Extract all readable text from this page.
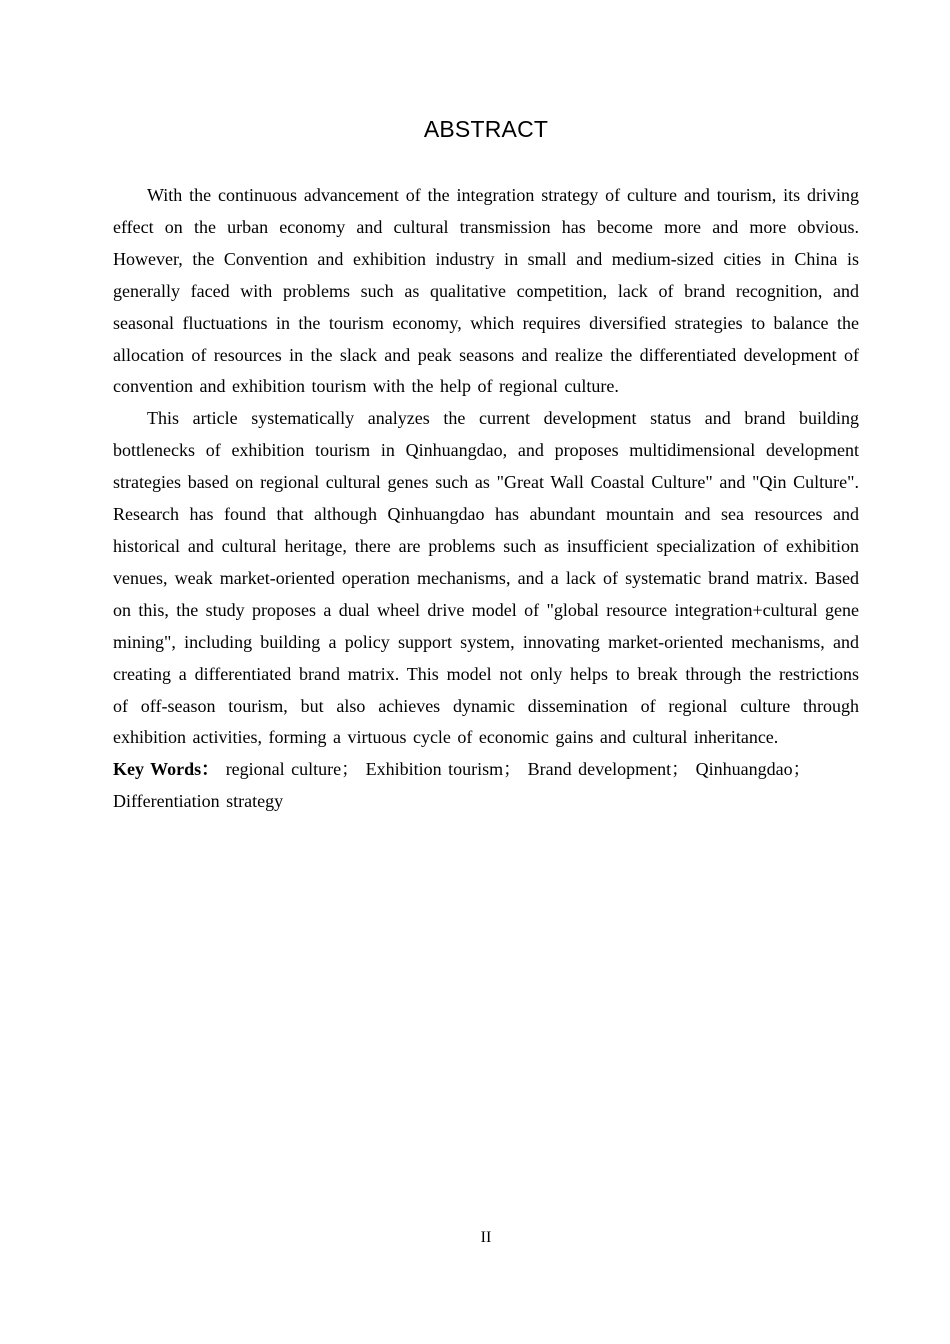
ABSTRACT

With the continuous advancement of the integration strategy of culture and tourism, its driving effect on the urban economy and cultural transmission has become more and more obvious. However, the Convention and exhibition industry in small and medium-sized cities in China is generally faced with problems such as qualitative competition, lack of brand recognition, and seasonal fluctuations in the tourism economy, which requires diversified strategies to balance the allocation of resources in the slack and peak seasons and realize the differentiated development of convention and exhibition tourism with the help of regional culture.

This article systematically analyzes the current development status and brand building bottlenecks of exhibition tourism in Qinhuangdao, and proposes multidimensional development strategies based on regional cultural genes such as "Great Wall Coastal Culture" and "Qin Culture". Research has found that although Qinhuangdao has abundant mountain and sea resources and historical and cultural heritage, there are problems such as insufficient specialization of exhibition venues, weak market-oriented operation mechanisms, and a lack of systematic brand matrix. Based on this, the study proposes a dual wheel drive model of "global resource integration+cultural gene mining", including building a policy support system, innovating market-oriented mechanisms, and creating a differentiated brand matrix. This model not only helps to break through the restrictions of off-season tourism, but also achieves dynamic dissemination of regional culture through exhibition activities, forming a virtuous cycle of economic gains and cultural inheritance.

Key Words： regional culture； Exhibition tourism； Brand development； Qinhuangdao； Differentiation strategy

II
